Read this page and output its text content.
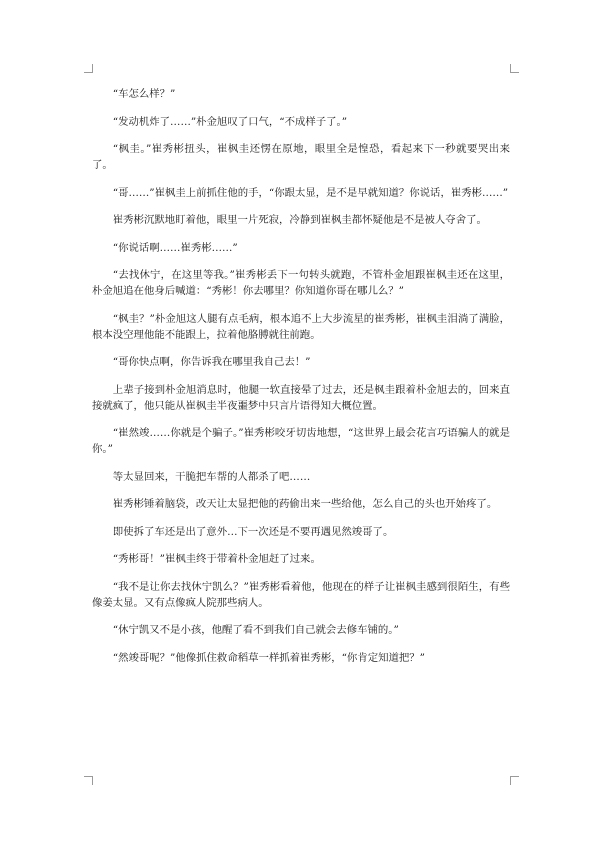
“车怎么样？”

“发动机炸了……”朴金旭叹了口气，“不成样子了。”

“枫圭。”崔秀彬扭头，崔枫圭还愣在原地，眼里全是惶恐，看起来下一秒就要哭出来了。

“哥……”崔枫圭上前抓住他的手，“你跟太显，是不是早就知道？你说话，崔秀彬……”

崔秀彬沉默地盯着他，眼里一片死寂，冷静到崔枫圭都怀疑他是不是被人夺舍了。

“你说话啊……崔秀彬……”

“去找休宁，在这里等我。”崔秀彬丢下一句转头就跑，不管朴金旭跟崔枫圭还在这里，朴金旭追在他身后喊道：“秀彬！你去哪里？你知道你哥在哪儿么？”

“枫圭？”朴金旭这人腿有点毛病，根本追不上大步流星的崔秀彬，崔枫圭泪淌了满脸，根本没空理他能不能跟上，拉着他胳膊就往前跑。

“哥你快点啊，你告诉我在哪里我自己去！”

上辈子接到朴金旭消息时，他腿一软直接晕了过去，还是枫圭跟着朴金旭去的，回来直接就疯了，他只能从崔枫圭半夜噩梦中只言片语得知大概位置。

“崔然竣……你就是个骗子。”崔秀彬咬牙切齿地想，“这世界上最会花言巧语骗人的就是你。”

等太显回来，干脆把车帮的人都杀了吧……

崔秀彬锤着脑袋，改天让太显把他的药偷出来一些给他，怎么自己的头也开始疼了。

即使拆了车还是出了意外…下一次还是不要再遇见然竣哥了。

“秀彬哥！”崔枫圭终于带着朴金旭赶了过来。

“我不是让你去找休宁凯么？”崔秀彬看着他，他现在的样子让崔枫圭感到很陌生，有些像姜太显。又有点像疯人院那些病人。

“休宁凯又不是小孩，他醒了看不到我们自己就会去修车铺的。”

“然竣哥呢？”他像抓住救命稻草一样抓着崔秀彬，“你肯定知道把？”
